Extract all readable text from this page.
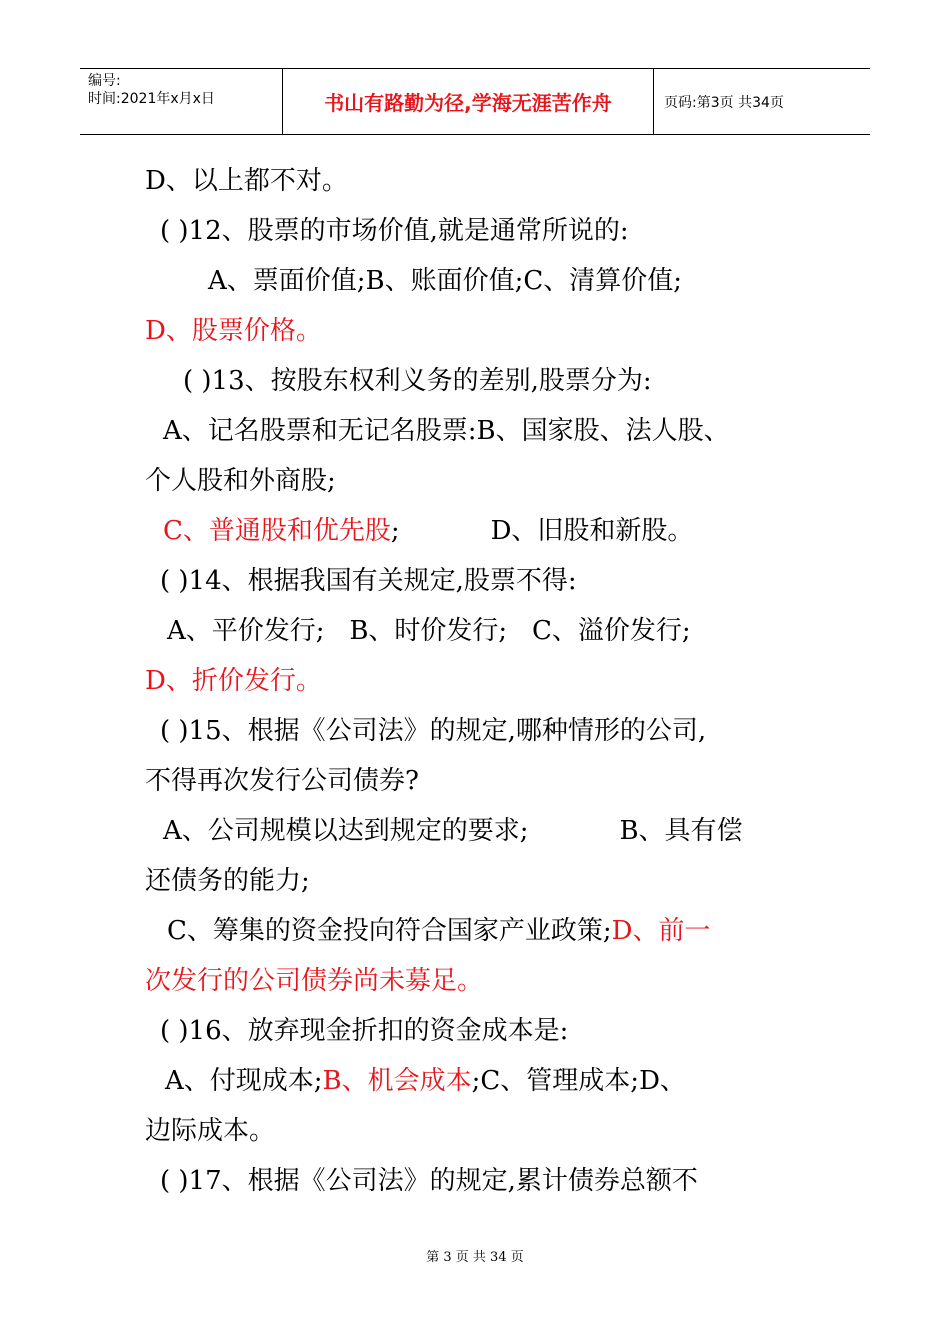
编号:
时间:2021年x月x日	书山有路勤为径,学海无涯苦作舟	页码:第3页 共34页
D、以上都不对。
( )12、股票的市场价值,就是通常所说的:
A、票面价值;B、账面价值;C、清算价值;
D、股票价格。
( )13、按股东权利义务的差别,股票分为:
A、记名股票和无记名股票:B、国家股、法人股、
个人股和外商股;
C、普通股和优先股;           D、旧股和新股。
( )14、根据我国有关规定,股票不得:
A、平价发行;   B、时价发行;   C、溢价发行;
D、折价发行。
( )15、根据《公司法》的规定,哪种情形的公司,
不得再次发行公司债券?
A、公司规模以达到规定的要求;           B、具有偿
还债务的能力;
C、筹集的资金投向符合国家产业政策;D、前一
次发行的公司债券尚未募足。
( )16、放弃现金折扣的资金成本是:
A、付现成本;B、机会成本;C、管理成本;D、
边际成本。
( )17、根据《公司法》的规定,累计债券总额不
第 3 页 共 34 页
